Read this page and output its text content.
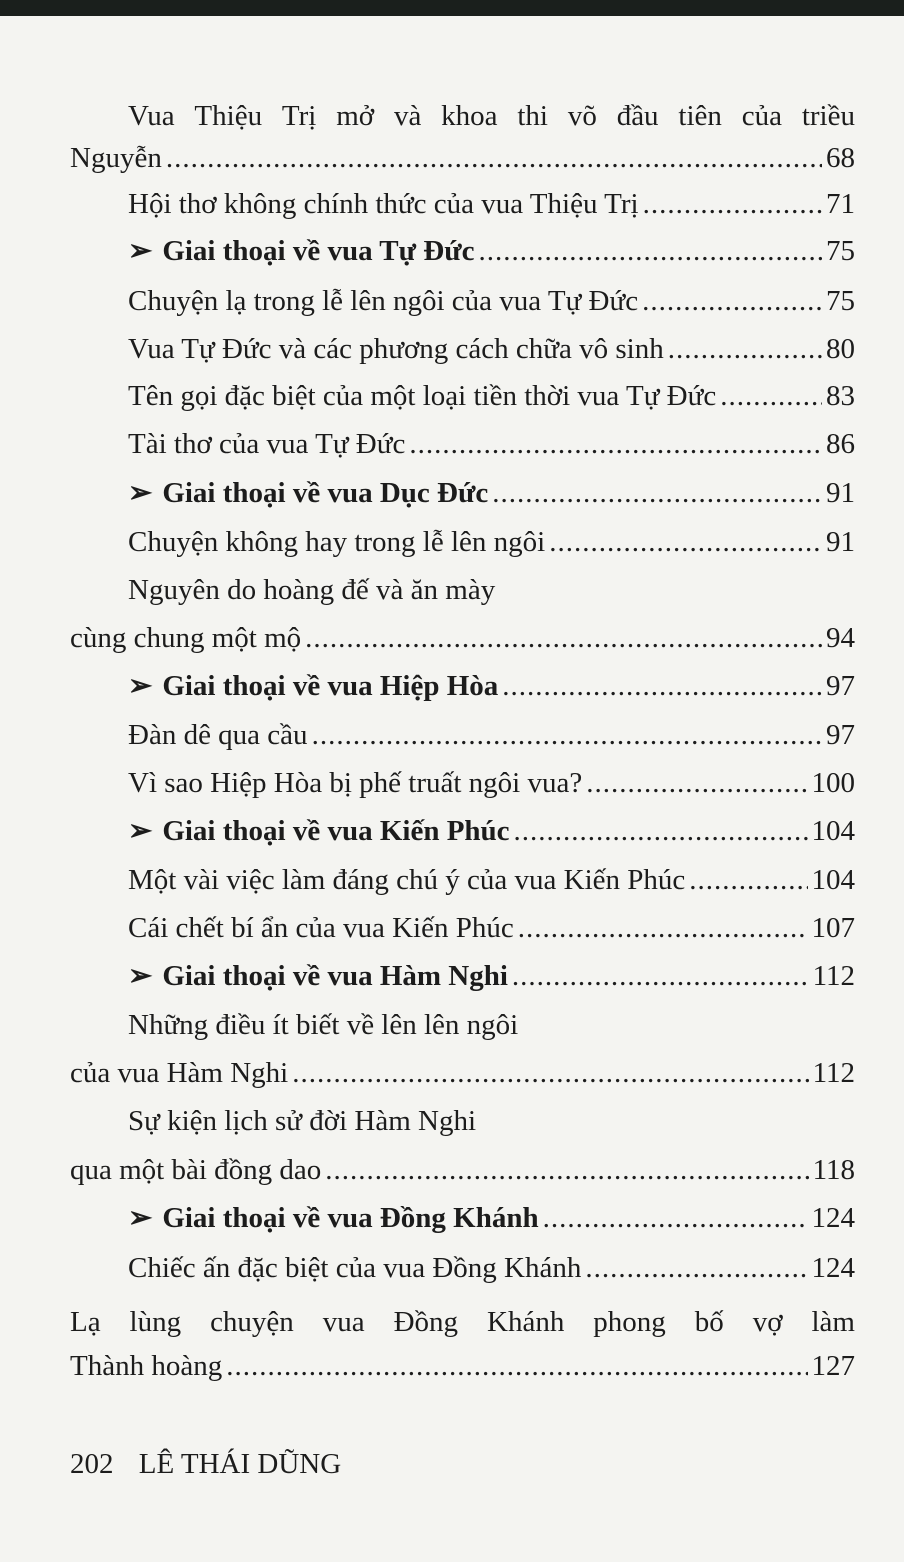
Vua Thiệu Trị mở và khoa thi võ đầu tiên của triều
Nguyễn .....	68
Hội thơ không chính thức của vua Thiệu Trị .....	71
➢ Giai thoại về vua Tự Đức .....	75
Chuyện lạ trong lễ lên ngôi của vua Tự Đức .....	75
Vua Tự Đức và các phương cách chữa vô sinh .....	80
Tên gọi đặc biệt của một loại tiền thời vua Tự Đức .....	83
Tài thơ của vua Tự Đức .....	86
➢ Giai thoại về vua Dục Đức .....	91
Chuyện không hay trong lễ lên ngôi .....	91
Nguyên do hoàng đế và ăn mày
cùng chung một mộ .....	94
➢ Giai thoại về vua Hiệp Hòa .....	97
Đàn dê qua cầu .....	97
Vì sao Hiệp Hòa bị phế truất ngôi vua? .....	100
➢ Giai thoại về vua Kiến Phúc .....	104
Một vài việc làm đáng chú ý của vua Kiến Phúc .....	104
Cái chết bí ẩn của vua Kiến Phúc .....	107
➢ Giai thoại về vua Hàm Nghi .....	112
Những điều ít biết về lên lên ngôi
của vua Hàm Nghi .....	112
Sự kiện lịch sử đời Hàm Nghi
qua một bài đồng dao .....	118
➢ Giai thoại về vua Đồng Khánh .....	124
Chiếc ấn đặc biệt của vua Đồng Khánh .....	124
Lạ lùng chuyện vua Đồng Khánh phong bố vợ làm
Thành hoàng .....	127
202 LÊ THÁI DŨNG
